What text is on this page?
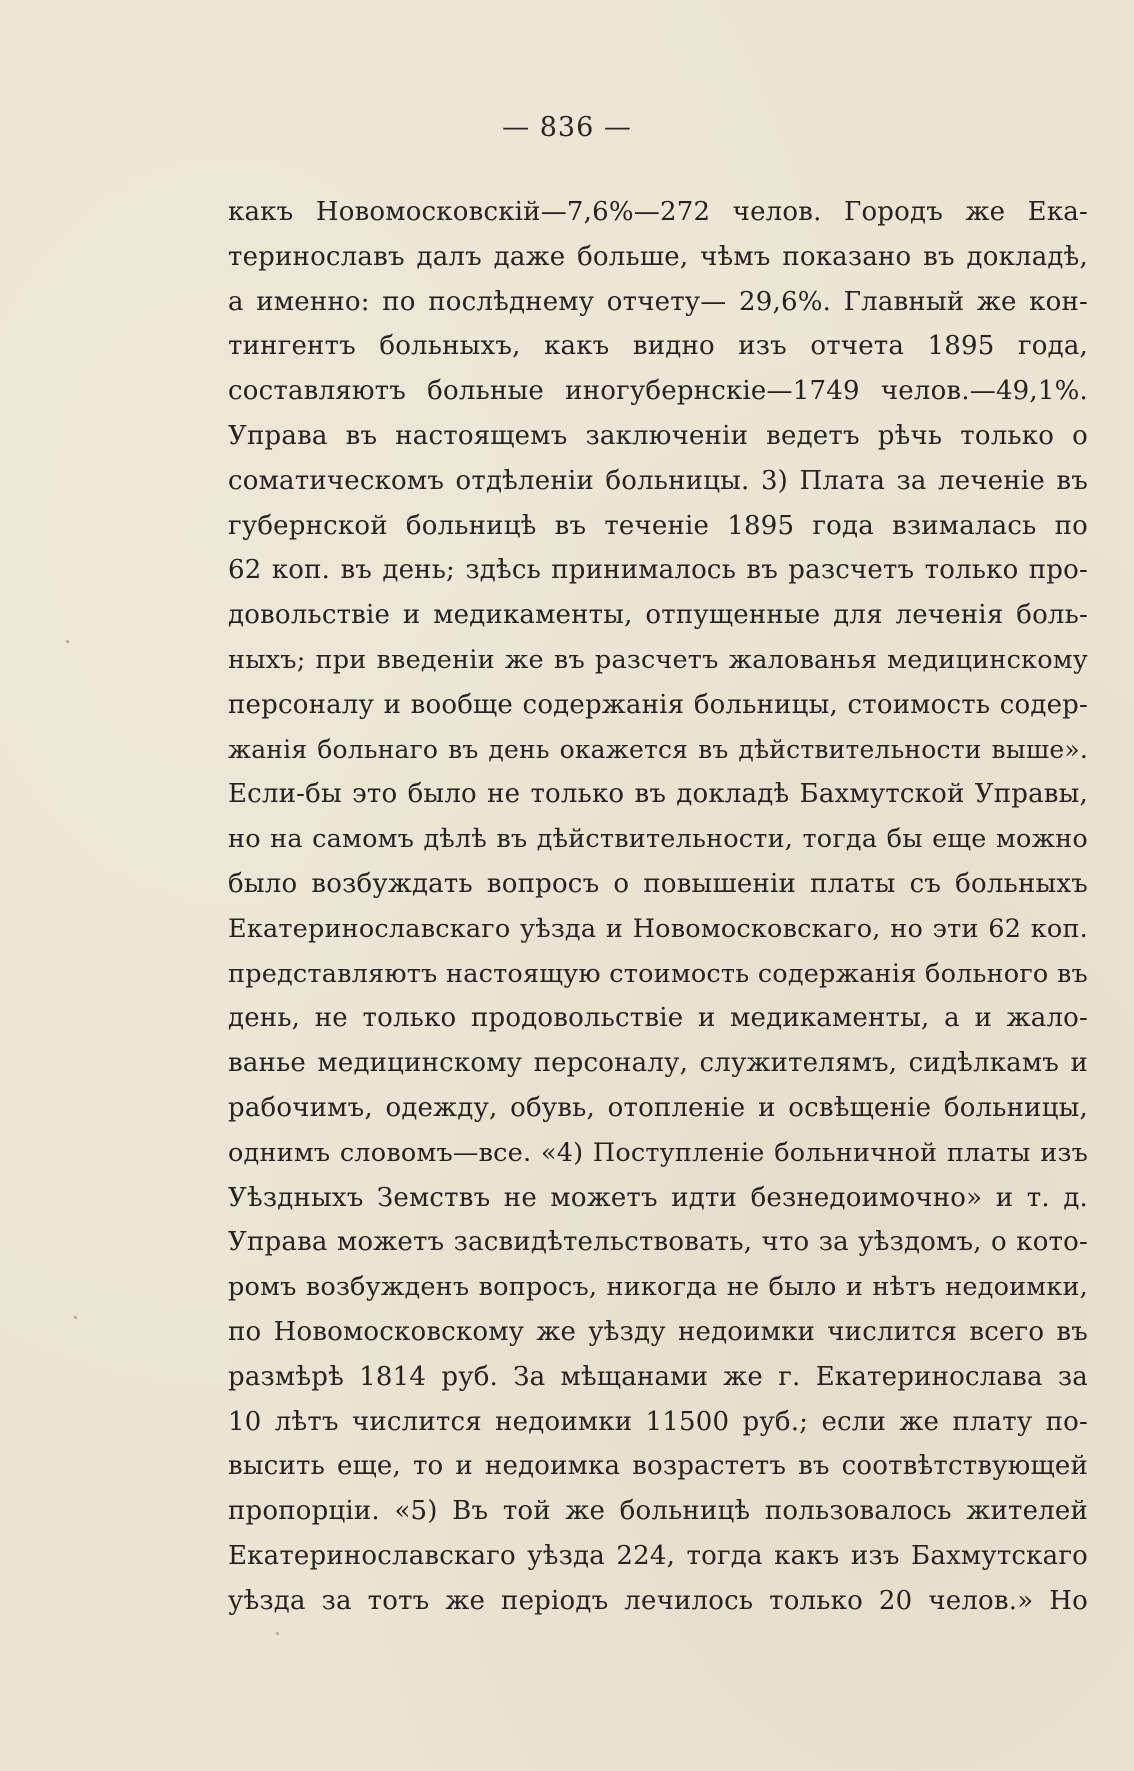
— 836 —
какъ Новомосковскій—7,6%—272 челов. Городъ же Ека-
теринославъ далъ даже больше, чѣмъ показано въ докладѣ,
а именно: по послѣднему отчету— 29,6%. Главный же кон-
тингентъ больныхъ, какъ видно изъ отчета 1895 года,
составляютъ больные иногубернскіе—1749 челов.—49,1%.
Управа въ настоящемъ заключеніи ведетъ рѣчь только о
соматическомъ отдѣленіи больницы. 3) Плата за леченіе въ
губернской больницѣ въ теченіе 1895 года взималась по
62 коп. въ день; здѣсь принималось въ разсчетъ только про-
довольствіе и медикаменты, отпущенные для леченія боль-
ныхъ; при введеніи же въ разсчетъ жалованья медицинскому
персоналу и вообще содержанія больницы, стоимость содер-
жанія больнаго въ день окажется въ дѣйствительности выше».
Если-бы это было не только въ докладѣ Бахмутской Управы,
но на самомъ дѣлѣ въ дѣйствительности, тогда бы еще можно
было возбуждать вопросъ о повышеніи платы съ больныхъ
Екатеринославскаго уѣзда и Новомосковскаго, но эти 62 коп.
представляютъ настоящую стоимость содержанія больного въ
день, не только продовольствіе и медикаменты, а и жало-
ванье медицинскому персоналу, служителямъ, сидѣлкамъ и
рабочимъ, одежду, обувь, отопленіе и освѣщеніе больницы,
однимъ словомъ—все. «4) Поступленіе больничной платы изъ
Уѣздныхъ Земствъ не можетъ идти безнедоимочно» и т. д.
Управа можетъ засвидѣтельствовать, что за уѣздомъ, о кото-
ромъ возбужденъ вопросъ, никогда не было и нѣтъ недоимки,
по Новомосковскому же уѣзду недоимки числится всего въ
размѣрѣ 1814 руб. За мѣщанами же г. Екатеринослава за
10 лѣтъ числится недоимки 11500 руб.; если же плату по-
высить еще, то и недоимка возрастетъ въ соотвѣтствующей
пропорціи. «5) Въ той же больницѣ пользовалось жителей
Екатеринославскаго уѣзда 224, тогда какъ изъ Бахмутскаго
уѣзда за тотъ же періодъ лечилось только 20 челов.» Но
